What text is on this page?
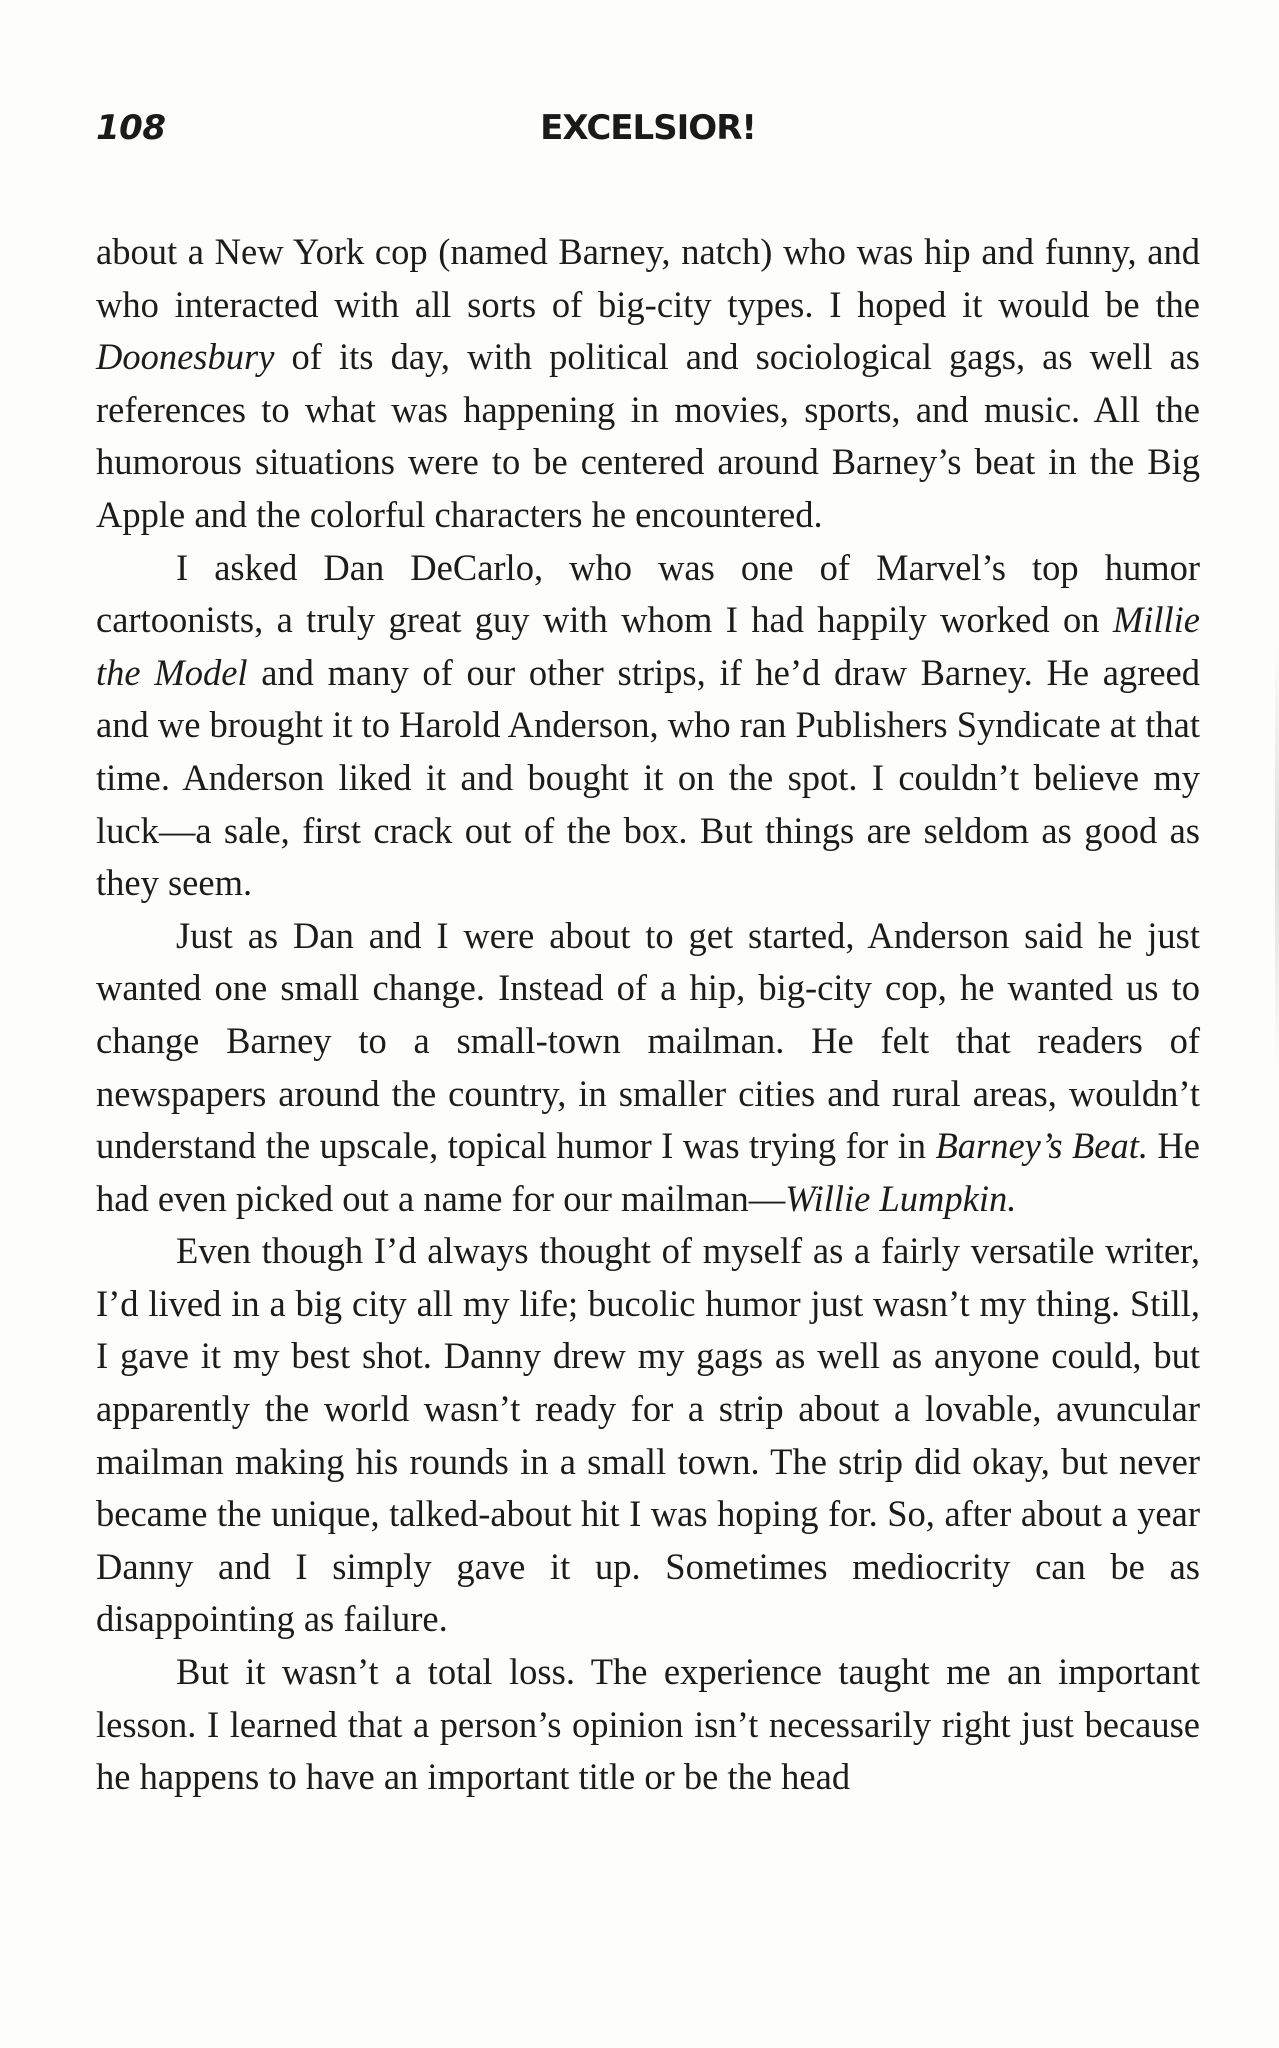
108	EXCELSIOR!

about a New York cop (named Barney, natch) who was hip and funny, and who interacted with all sorts of big-city types. I hoped it would be the Doonesbury of its day, with political and sociological gags, as well as references to what was happening in movies, sports, and music. All the humorous situations were to be centered around Barney’s beat in the Big Apple and the colorful characters he encountered.

I asked Dan DeCarlo, who was one of Marvel’s top humor cartoonists, a truly great guy with whom I had happily worked on Millie the Model and many of our other strips, if he’d draw Barney. He agreed and we brought it to Harold Anderson, who ran Publishers Syndicate at that time. Anderson liked it and bought it on the spot. I couldn’t believe my luck—a sale, first crack out of the box. But things are seldom as good as they seem.

Just as Dan and I were about to get started, Anderson said he just wanted one small change. Instead of a hip, big-city cop, he wanted us to change Barney to a small-town mailman. He felt that readers of newspapers around the country, in smaller cities and rural areas, wouldn’t understand the upscale, topical humor I was trying for in Barney’s Beat. He had even picked out a name for our mailman—Willie Lumpkin.

Even though I’d always thought of myself as a fairly versatile writer, I’d lived in a big city all my life; bucolic humor just wasn’t my thing. Still, I gave it my best shot. Danny drew my gags as well as anyone could, but apparently the world wasn’t ready for a strip about a lovable, avuncular mailman making his rounds in a small town. The strip did okay, but never became the unique, talked-about hit I was hoping for. So, after about a year Danny and I simply gave it up. Sometimes mediocrity can be as disappointing as failure.

But it wasn’t a total loss. The experience taught me an important lesson. I learned that a person’s opinion isn’t necessarily right just because he happens to have an important title or be the head
